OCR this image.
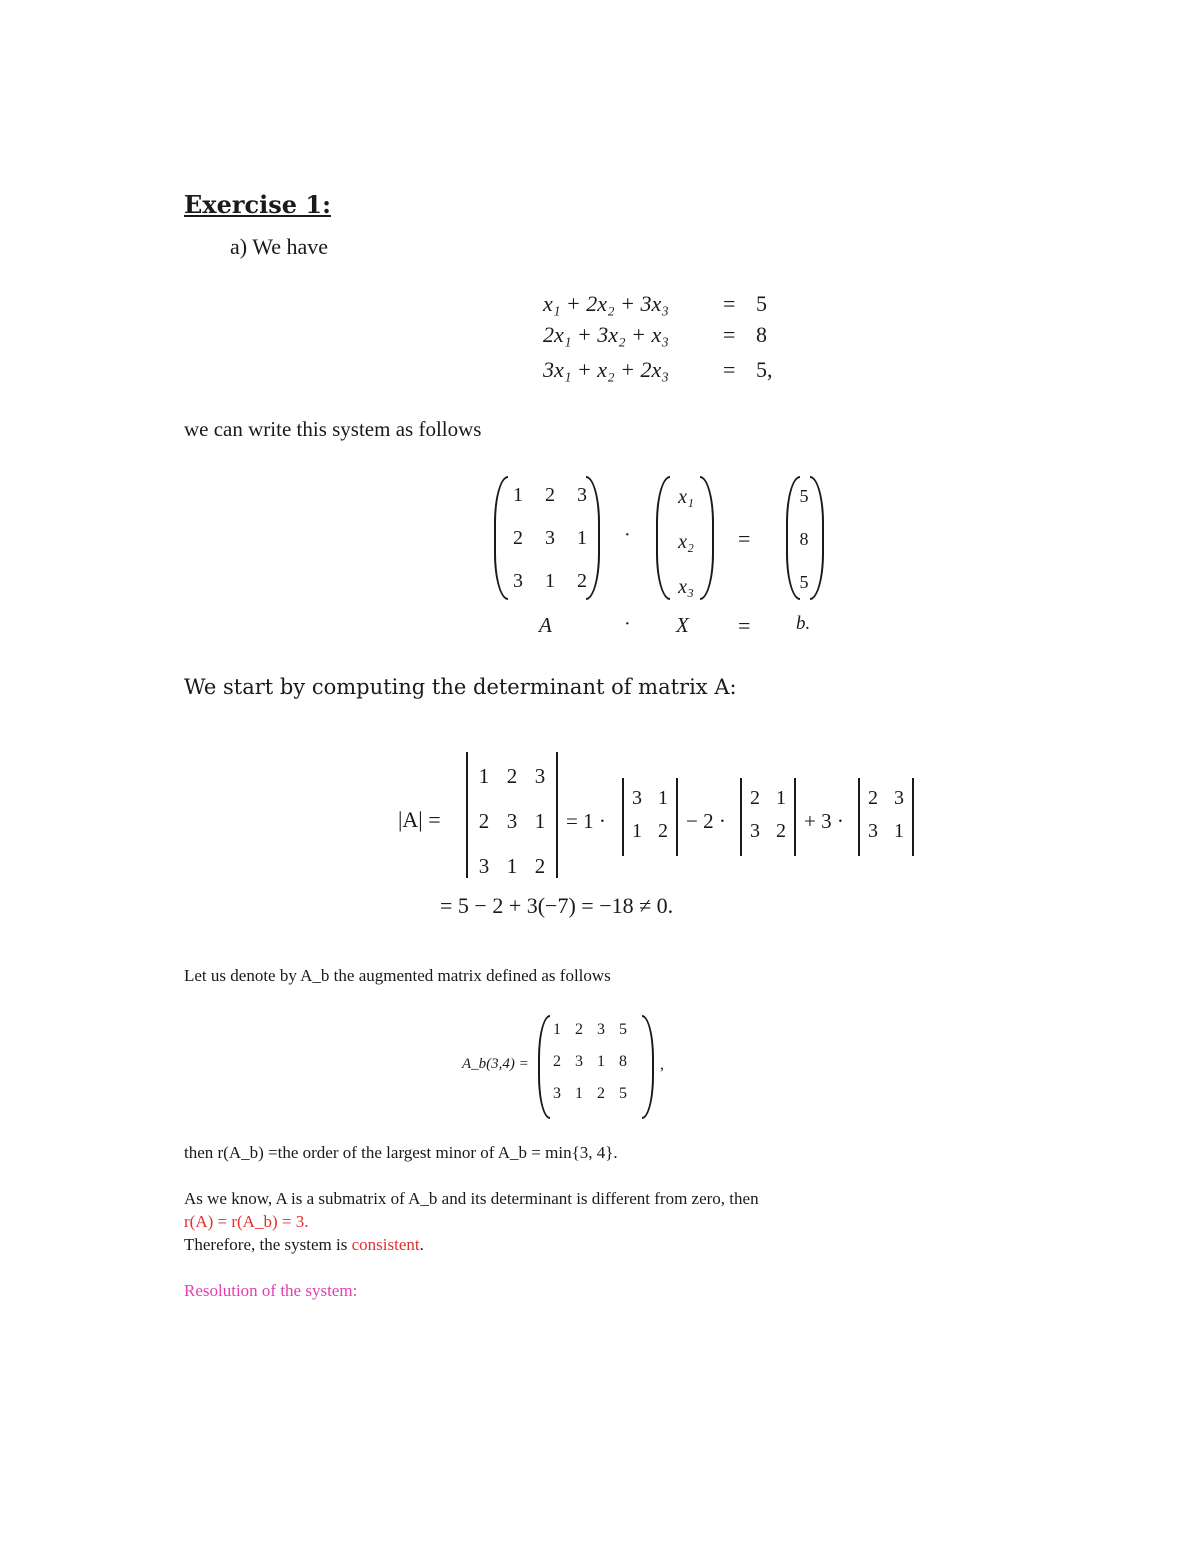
Exercise 1:
a) We have
x₁ + 2x₂ + 3x₃ = 5
2x₁ + 3x₂ + x₃ = 8
3x₁ + x₂ + 2x₃ = 5,
we can write this system as follows
1	2	3
2	3	1
3	1	2
·
x₁
x₂
x₃
=
5
8
5
A	· X = b.
We start by computing the determinant of matrix A:
|A| =
1 2 3
2 3 1
3 1 2
= 1 ·
3 1
1 2 − 2 ·
2 1
3 2 + 3 ·
2 3
3 1
= 5 − 2 + 3(−7) = −18 ≠ 0.
Let us denote by A_b the augmented matrix defined as follows
A_b(3,4) =
1 2 3 5
2 3 1 8
3 1 2 5
,
then r(A_b) =the order of the largest minor of A_b = min{3, 4}.
As we know, A is a submatrix of A_b and its determinant is different from zero, then
r(A) = r(A_b) = 3.
Therefore, the system is consistent.
Resolution of the system:
